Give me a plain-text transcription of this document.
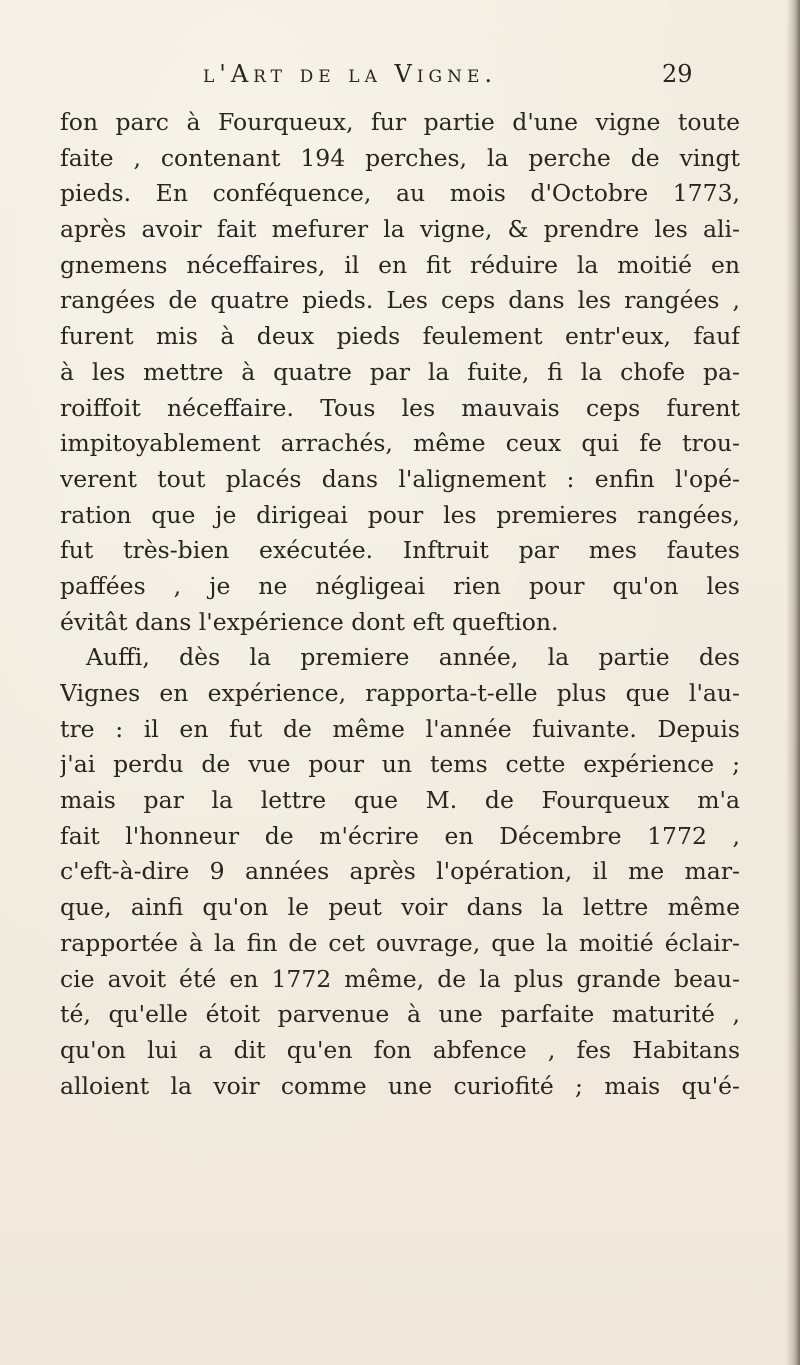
l'Art de la Vigne.	29
fon parc à Fourqueux, fur partie d'une vigne toute
faite , contenant 194 perches, la perche de vingt
pieds. En conféquence, au mois d'Octobre 1773,
après avoir fait mefurer la vigne, & prendre les ali-
gnemens néceffaires, il en fit réduire la moitié en
rangées de quatre pieds. Les ceps dans les rangées ,
furent mis à deux pieds feulement entr'eux, fauf
à les mettre à quatre par la fuite, fi la chofe pa-
roiffoit néceffaire. Tous les mauvais ceps furent
impitoyablement arrachés, même ceux qui fe trou-
verent tout placés dans l'alignement : enfin l'opé-
ration que je dirigeai pour les premieres rangées,
fut très-bien exécutée. Inftruit par mes fautes
paffées , je ne négligeai rien pour qu'on les
évitât dans l'expérience dont eft queftion.
Auffi, dès la premiere année, la partie des
Vignes en expérience, rapporta-t-elle plus que l'au-
tre : il en fut de même l'année fuivante. Depuis
j'ai perdu de vue pour un tems cette expérience ;
mais par la lettre que M. de Fourqueux m'a
fait l'honneur de m'écrire en Décembre 1772 ,
c'eft-à-dire 9 années après l'opération, il me mar-
que, ainfi qu'on le peut voir dans la lettre même
rapportée à la fin de cet ouvrage, que la moitié éclair-
cie avoit été en 1772 même, de la plus grande beau-
té, qu'elle étoit parvenue à une parfaite maturité ,
qu'on lui a dit qu'en fon abfence , fes Habitans
alloient la voir comme une curiofité ; mais qu'é-
